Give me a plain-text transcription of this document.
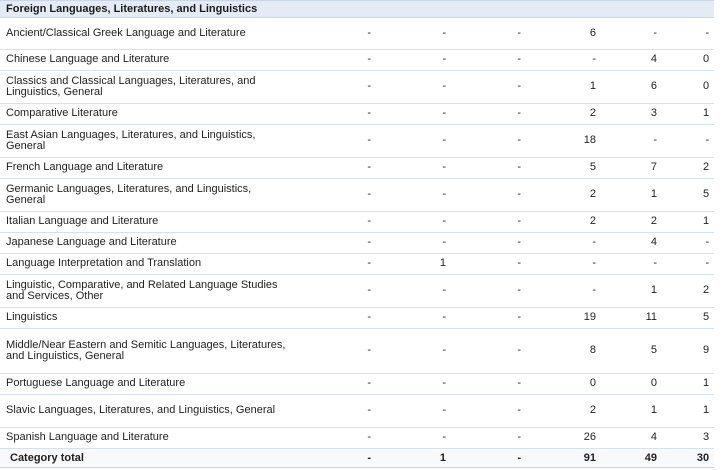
Foreign Languages, Literatures, and Linguistics						
Ancient/Classical Greek Language and Literature	-	-	-	6	-	-
Chinese Language and Literature	-	-	-	-	4	0
Classics and Classical Languages, Literatures, and Linguistics, General	-	-	-	1	6	0
Comparative Literature	-	-	-	2	3	1
East Asian Languages, Literatures, and Linguistics, General	-	-	-	18	-	-
French Language and Literature	-	-	-	5	7	2
Germanic Languages, Literatures, and Linguistics, General	-	-	-	2	1	5
Italian Language and Literature	-	-	-	2	2	1
Japanese Language and Literature	-	-	-	-	4	-
Language Interpretation and Translation	-	1	-	-	-	-
Linguistic, Comparative, and Related Language Studies and Services, Other	-	-	-	-	1	2
Linguistics	-	-	-	19	11	5
Middle/Near Eastern and Semitic Languages, Literatures, and Linguistics, General	-	-	-	8	5	9
Portuguese Language and Literature	-	-	-	0	0	1
Slavic Languages, Literatures, and Linguistics, General	-	-	-	2	1	1
Spanish Language and Literature	-	-	-	26	4	3
Category total	-	1	-	91	49	30
